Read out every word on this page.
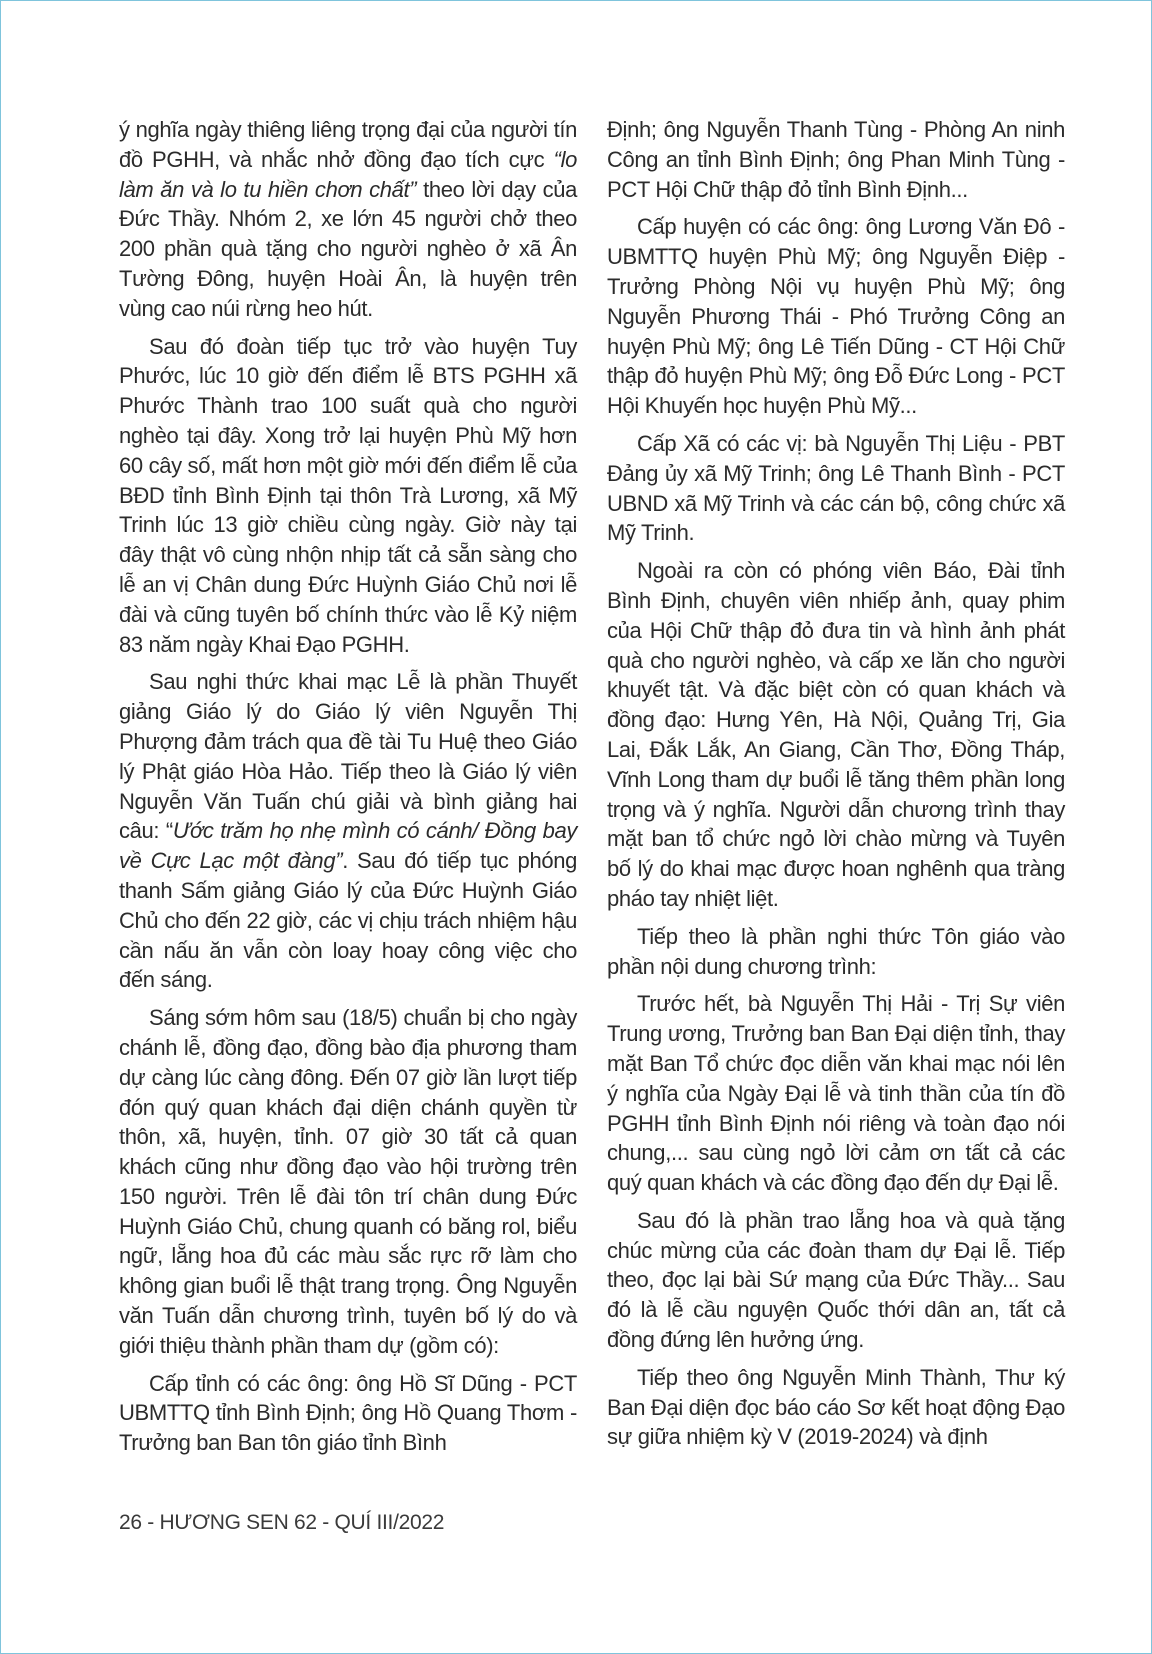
ý nghĩa ngày thiêng liêng trọng đại của người tín đồ PGHH, và nhắc nhở đồng đạo tích cực “lo làm ăn và lo tu hiền chơn chất” theo lời dạy của Đức Thầy. Nhóm 2, xe lớn 45 người chở theo 200 phần quà tặng cho người nghèo ở xã Ân Tường Đông, huyện Hoài Ân, là huyện trên vùng cao núi rừng heo hút.

Sau đó đoàn tiếp tục trở vào huyện Tuy Phước, lúc 10 giờ đến điểm lễ BTS PGHH xã Phước Thành trao 100 suất quà cho người nghèo tại đây. Xong trở lại huyện Phù Mỹ hơn 60 cây số, mất hơn một giờ mới đến điểm lễ của BĐD tỉnh Bình Định tại thôn Trà Lương, xã Mỹ Trinh lúc 13 giờ chiều cùng ngày. Giờ này tại đây thật vô cùng nhộn nhịp tất cả sẵn sàng cho lễ an vị Chân dung Đức Huỳnh Giáo Chủ nơi lễ đài và cũng tuyên bố chính thức vào lễ Kỷ niệm 83 năm ngày Khai Đạo PGHH.

Sau nghi thức khai mạc Lễ là phần Thuyết giảng Giáo lý do Giáo lý viên Nguyễn Thị Phượng đảm trách qua đề tài Tu Huệ theo Giáo lý Phật giáo Hòa Hảo. Tiếp theo là Giáo lý viên Nguyễn Văn Tuấn chú giải và bình giảng hai câu: “Ước trăm họ nhẹ mình có cánh/ Đồng bay về Cực Lạc một đàng”. Sau đó tiếp tục phóng thanh Sấm giảng Giáo lý của Đức Huỳnh Giáo Chủ cho đến 22 giờ, các vị chịu trách nhiệm hậu cần nấu ăn vẫn còn loay hoay công việc cho đến sáng.

Sáng sớm hôm sau (18/5) chuẩn bị cho ngày chánh lễ, đồng đạo, đồng bào địa phương tham dự càng lúc càng đông. Đến 07 giờ lần lượt tiếp đón quý quan khách đại diện chánh quyền từ thôn, xã, huyện, tỉnh. 07 giờ 30 tất cả quan khách cũng như đồng đạo vào hội trường trên 150 người. Trên lễ đài tôn trí chân dung Đức Huỳnh Giáo Chủ, chung quanh có băng rol, biểu ngữ, lẵng hoa đủ các màu sắc rực rỡ làm cho không gian buổi lễ thật trang trọng. Ông Nguyễn văn Tuấn dẫn chương trình, tuyên bố lý do và giới thiệu thành phần tham dự (gồm có):

Cấp tỉnh có các ông: ông Hồ Sĩ Dũng - PCT UBMTTQ tỉnh Bình Định; ông Hồ Quang Thơm - Trưởng ban Ban tôn giáo tỉnh Bình

Định; ông Nguyễn Thanh Tùng - Phòng An ninh Công an tỉnh Bình Định; ông Phan Minh Tùng - PCT Hội Chữ thập đỏ tỉnh Bình Định...

Cấp huyện có các ông: ông Lương Văn Đô - UBMTTQ huyện Phù Mỹ; ông Nguyễn Điệp - Trưởng Phòng Nội vụ huyện Phù Mỹ; ông Nguyễn Phương Thái - Phó Trưởng Công an huyện Phù Mỹ; ông Lê Tiến Dũng - CT Hội Chữ thập đỏ huyện Phù Mỹ; ông Đỗ Đức Long - PCT Hội Khuyến học huyện Phù Mỹ...

Cấp Xã có các vị: bà Nguyễn Thị Liệu - PBT Đảng ủy xã Mỹ Trinh; ông Lê Thanh Bình - PCT UBND xã Mỹ Trinh và các cán bộ, công chức xã Mỹ Trinh.

Ngoài ra còn có phóng viên Báo, Đài tỉnh Bình Định, chuyên viên nhiếp ảnh, quay phim của Hội Chữ thập đỏ đưa tin và hình ảnh phát quà cho người nghèo, và cấp xe lăn cho người khuyết tật. Và đặc biệt còn có quan khách và đồng đạo: Hưng Yên, Hà Nội, Quảng Trị, Gia Lai, Đắk Lắk, An Giang, Cần Thơ, Đồng Tháp, Vĩnh Long tham dự buổi lễ tăng thêm phần long trọng và ý nghĩa. Người dẫn chương trình thay mặt ban tổ chức ngỏ lời chào mừng và Tuyên bố lý do khai mạc được hoan nghênh qua tràng pháo tay nhiệt liệt.

Tiếp theo là phần nghi thức Tôn giáo vào phần nội dung chương trình:

Trước hết, bà Nguyễn Thị Hải - Trị Sự viên Trung ương, Trưởng ban Ban Đại diện tỉnh, thay mặt Ban Tổ chức đọc diễn văn khai mạc nói lên ý nghĩa của Ngày Đại lễ và tinh thần của tín đồ PGHH tỉnh Bình Định nói riêng và toàn đạo nói chung,... sau cùng ngỏ lời cảm ơn tất cả các quý quan khách và các đồng đạo đến dự Đại lễ.

Sau đó là phần trao lẵng hoa và quà tặng chúc mừng của các đoàn tham dự Đại lễ. Tiếp theo, đọc lại bài Sứ mạng của Đức Thầy... Sau đó là lễ cầu nguyện Quốc thới dân an, tất cả đồng đứng lên hưởng ứng.

Tiếp theo ông Nguyễn Minh Thành, Thư ký Ban Đại diện đọc báo cáo Sơ kết hoạt động Đạo sự giữa nhiệm kỳ V (2019-2024) và định

26 - HƯƠNG SEN 62 - QUÍ III/2022
